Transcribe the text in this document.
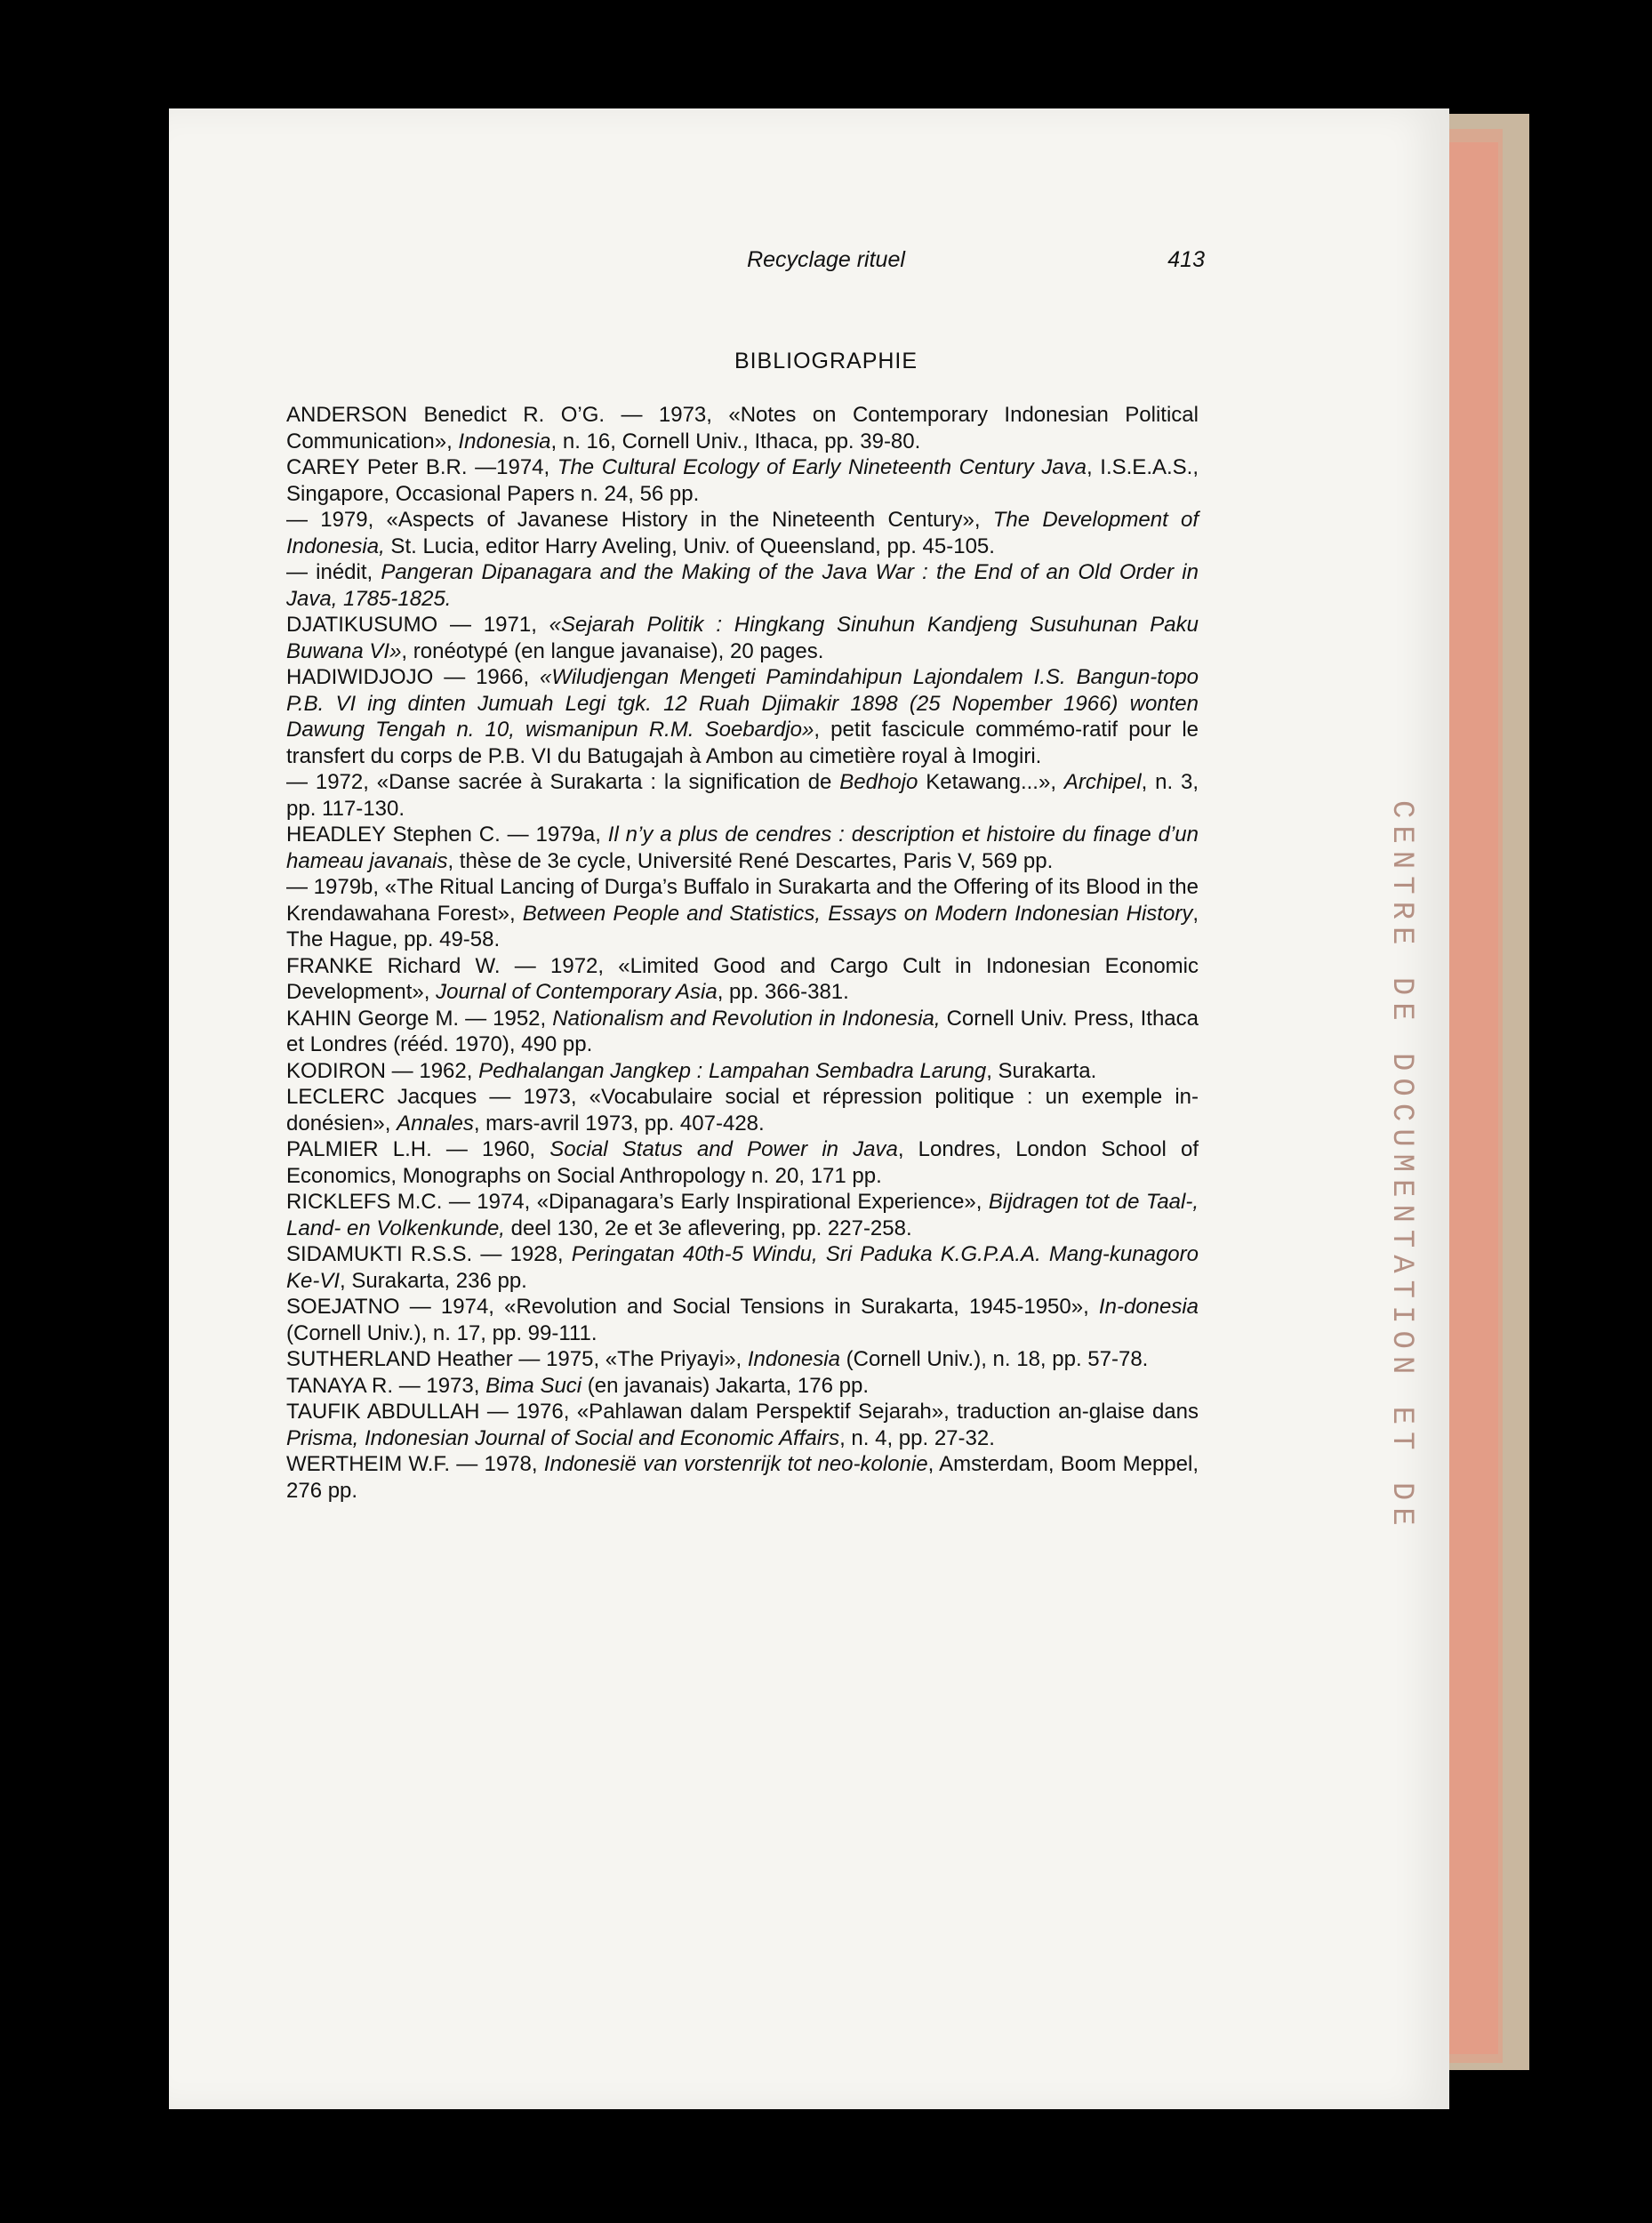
CENTRE DE DOCUMENTATION ET DE
Recyclage rituel	413
BIBLIOGRAPHIE

ANDERSON Benedict R. O’G. — 1973, «Notes on Contemporary Indonesian Political Communication», Indonesia, n. 16, Cornell Univ., Ithaca, pp. 39-80.

CAREY Peter B.R. —1974, The Cultural Ecology of Early Nineteenth Century Java, I.S.E.A.S., Singapore, Occasional Papers n. 24, 56 pp.

— 1979, «Aspects of Javanese History in the Nineteenth Century», The Development of Indonesia, St. Lucia, editor Harry Aveling, Univ. of Queensland, pp. 45-105.

— inédit, Pangeran Dipanagara and the Making of the Java War : the End of an Old Order in Java, 1785-1825.

DJATIKUSUMO — 1971, «Sejarah Politik : Hingkang Sinuhun Kandjeng Susuhunan Paku Buwana VI», ronéotypé (en langue javanaise), 20 pages.

HADIWIDJOJO — 1966, «Wiludjengan Mengeti Pamindahipun Lajondalem I.S. Bangun-topo P.B. VI ing dinten Jumuah Legi tgk. 12 Ruah Djimakir 1898 (25 Nopember 1966) wonten Dawung Tengah n. 10, wismanipun R.M. Soebardjo», petit fascicule commémo-ratif pour le transfert du corps de P.B. VI du Batugajah à Ambon au cimetière royal à Imogiri.

— 1972, «Danse sacrée à Surakarta : la signification de Bedhojo Ketawang...», Archipel, n. 3, pp. 117-130.

HEADLEY Stephen C. — 1979a, Il n’y a plus de cendres : description et histoire du finage d’un hameau javanais, thèse de 3e cycle, Université René Descartes, Paris V, 569 pp.

— 1979b, «The Ritual Lancing of Durga’s Buffalo in Surakarta and the Offering of its Blood in the Krendawahana Forest», Between People and Statistics, Essays on Modern Indonesian History, The Hague, pp. 49-58.

FRANKE Richard W. — 1972, «Limited Good and Cargo Cult in Indonesian Economic Development», Journal of Contemporary Asia, pp. 366-381.

KAHIN George M. — 1952, Nationalism and Revolution in Indonesia, Cornell Univ. Press, Ithaca et Londres (rééd. 1970), 490 pp.

KODIRON — 1962, Pedhalangan Jangkep : Lampahan Sembadra Larung, Surakarta.

LECLERC Jacques — 1973, «Vocabulaire social et répression politique : un exemple in-donésien», Annales, mars-avril 1973, pp. 407-428.

PALMIER L.H. — 1960, Social Status and Power in Java, Londres, London School of Economics, Monographs on Social Anthropology n. 20, 171 pp.

RICKLEFS M.C. — 1974, «Dipanagara’s Early Inspirational Experience», Bijdragen tot de Taal-, Land- en Volkenkunde, deel 130, 2e et 3e aflevering, pp. 227-258.

SIDAMUKTI R.S.S. — 1928, Peringatan 40th-5 Windu, Sri Paduka K.G.P.A.A. Mang-kunagoro Ke-VI, Surakarta, 236 pp.

SOEJATNO — 1974, «Revolution and Social Tensions in Surakarta, 1945-1950», In-donesia (Cornell Univ.), n. 17, pp. 99-111.

SUTHERLAND Heather — 1975, «The Priyayi», Indonesia (Cornell Univ.), n. 18, pp. 57-78.

TANAYA R. — 1973, Bima Suci (en javanais) Jakarta, 176 pp.

TAUFIK ABDULLAH — 1976, «Pahlawan dalam Perspektif Sejarah», traduction an-glaise dans Prisma, Indonesian Journal of Social and Economic Affairs, n. 4, pp. 27-32.

WERTHEIM W.F. — 1978, Indonesië van vorstenrijk tot neo-kolonie, Amsterdam, Boom Meppel, 276 pp.
